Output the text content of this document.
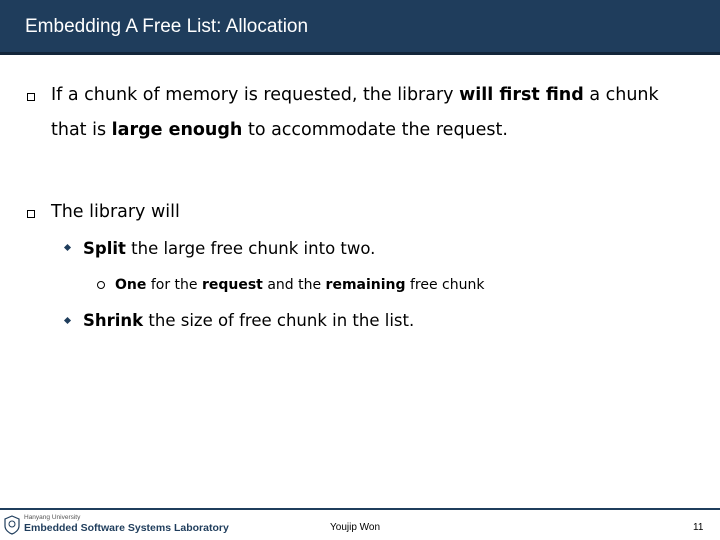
Embedding A Free List: Allocation
If a chunk of memory is requested, the library will first find a chunk
that is large enough to accommodate the request.
The library will
Split the large free chunk into two.
One for the request and the remaining free chunk
Shrink the size of free chunk in the list.
Hanyang University
Embedded Software Systems Laboratory	Youjip Won	11
